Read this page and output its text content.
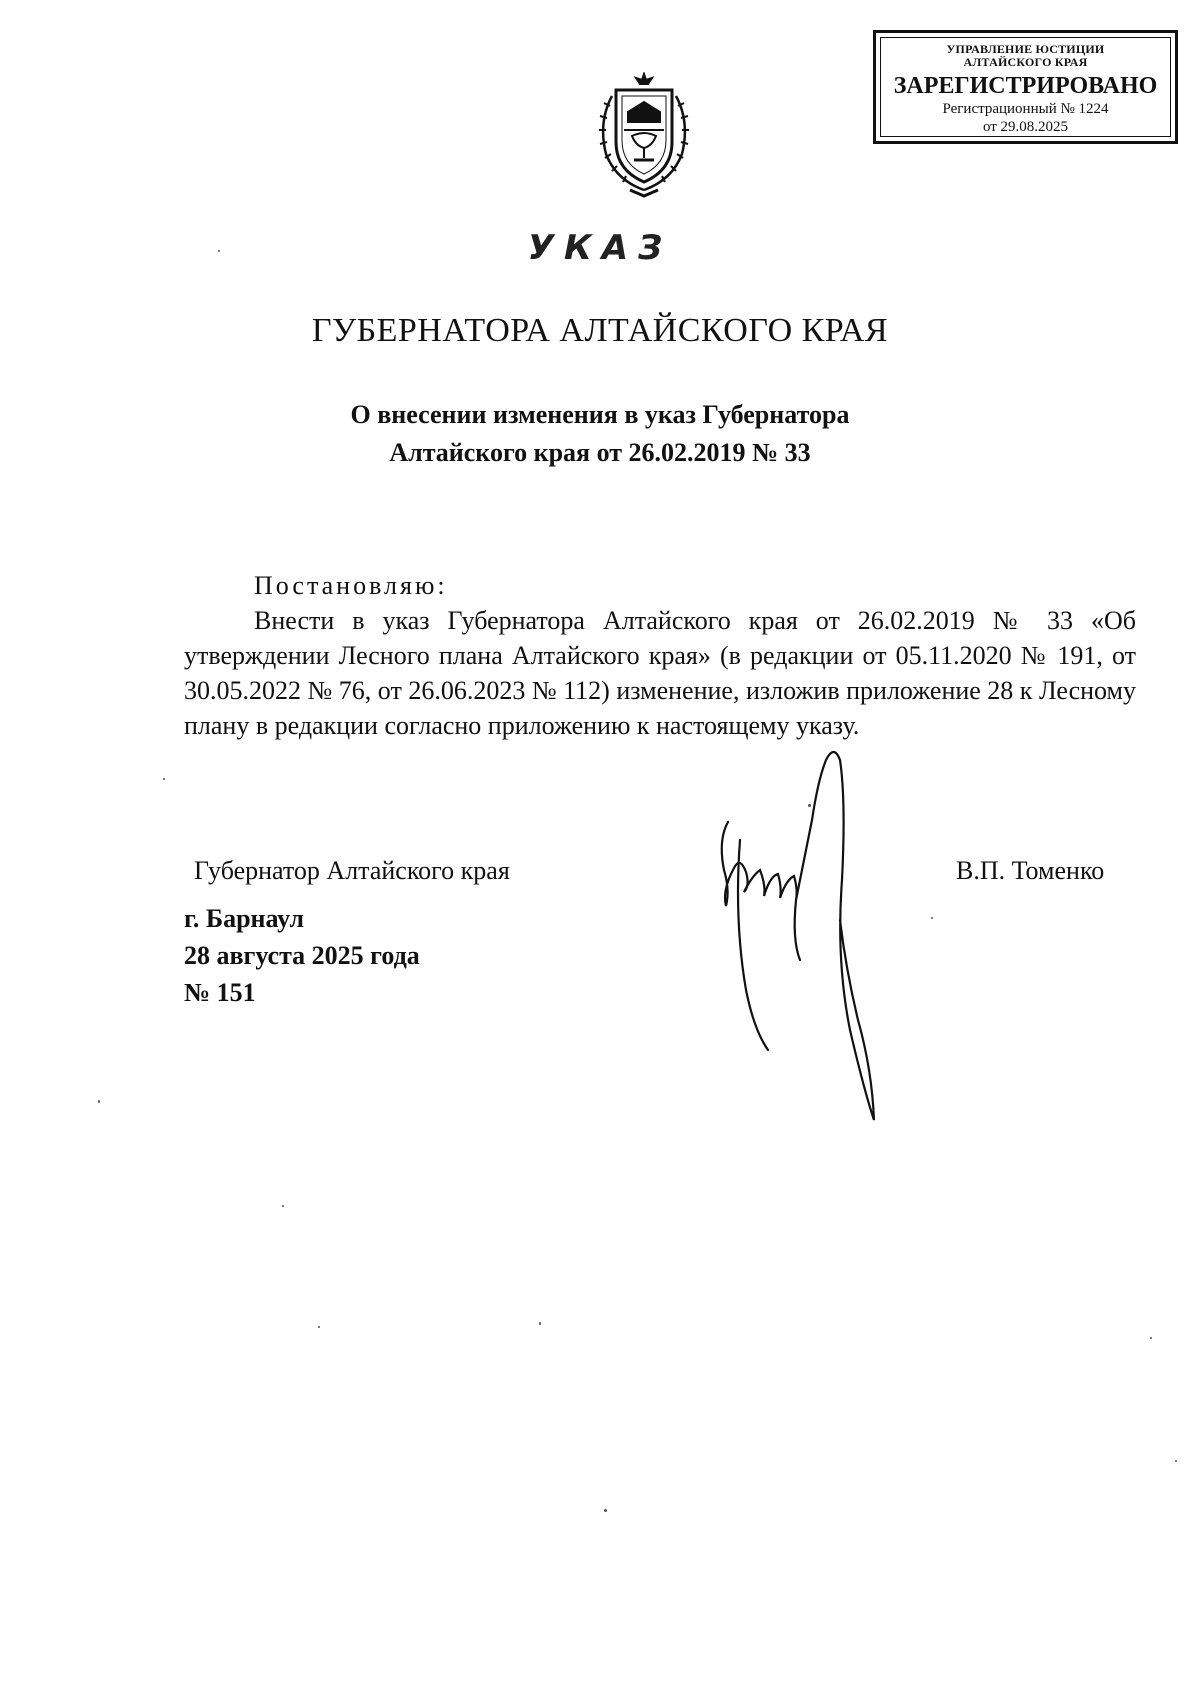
УПРАВЛЕНИЕ ЮСТИЦИИ
АЛТАЙСКОГО КРАЯ
ЗАРЕГИСТРИРОВАНО
Регистрационный № 1224
от 29.08.2025
УКАЗ
ГУБЕРНАТОРА АЛТАЙСКОГО КРАЯ
О внесении изменения в указ Губернатора
Алтайского края от 26.02.2019 № 33
Постановляю:

Внести в указ Губернатора Алтайского края от 26.02.2019 № 33 «Об утверждении Лесного плана Алтайского края» (в редакции от 05.11.2020 № 191, от 30.05.2022 № 76, от 26.06.2023 № 112) изменение, изложив приложение 28 к Лесному плану в редакции согласно приложению к настоящему указу.

Губернатор Алтайского края	В.П. Томенко
г. Барнаул
28 августа 2025 года
№ 151
